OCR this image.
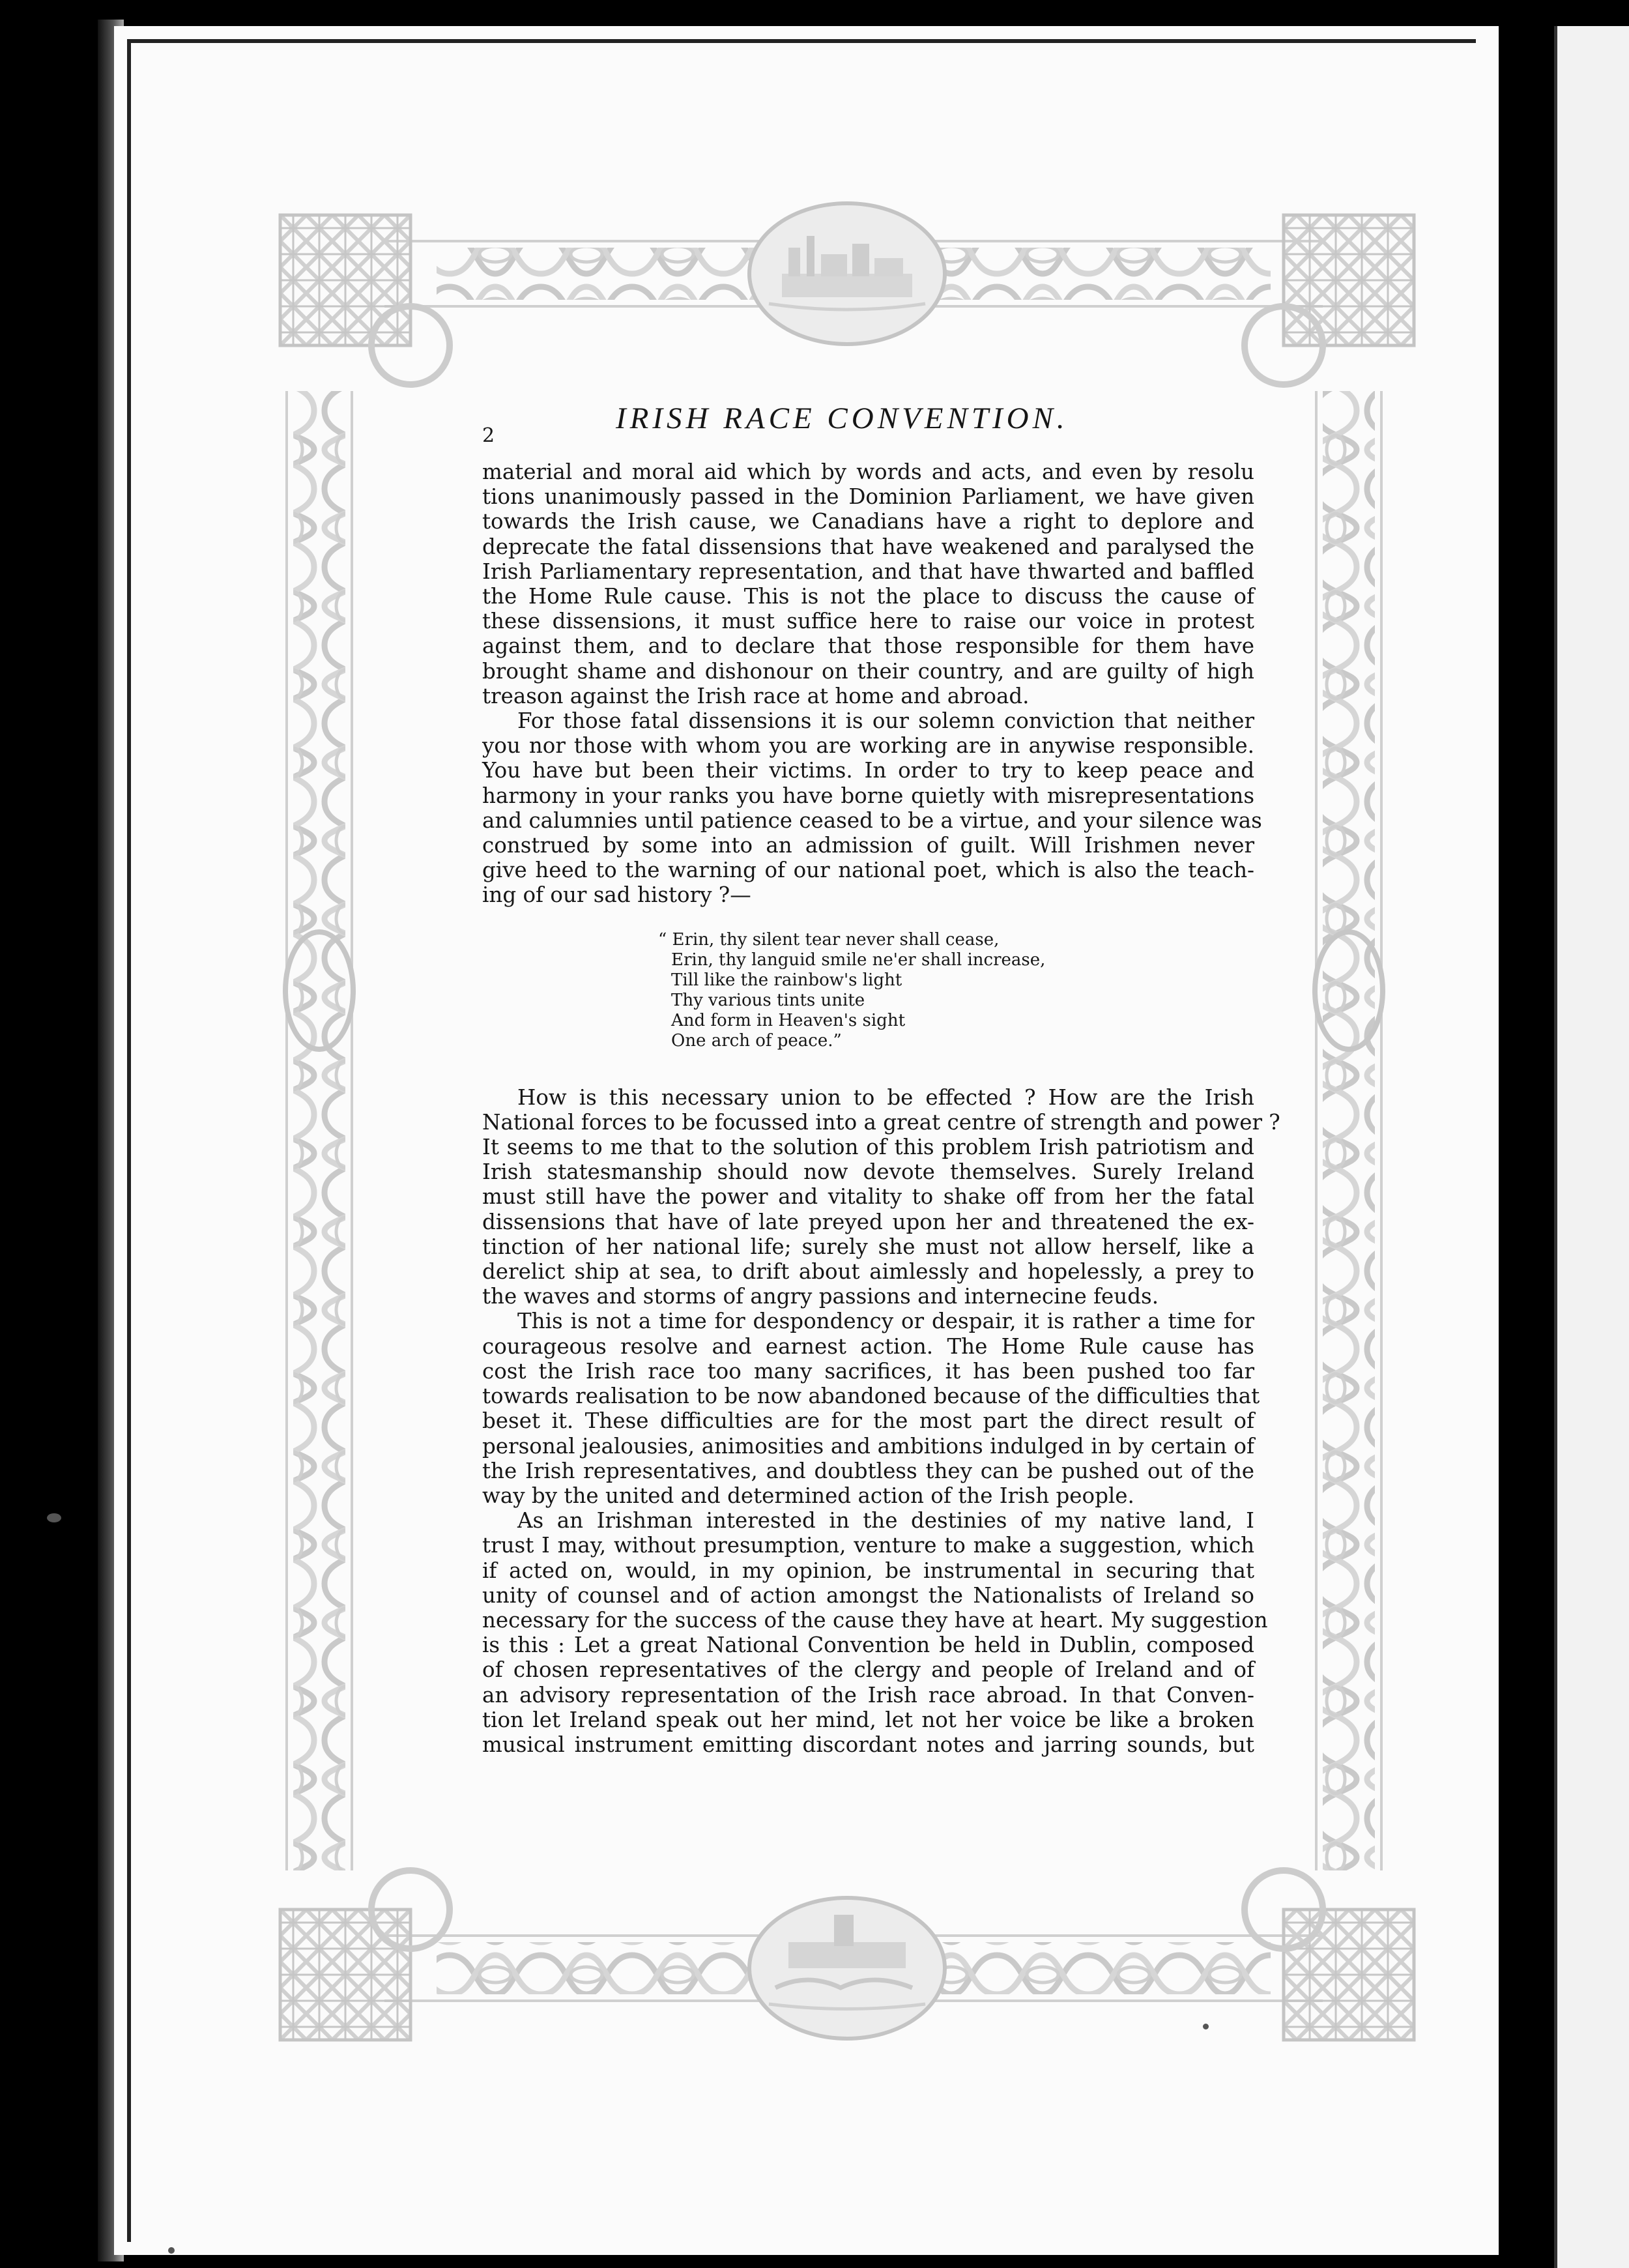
2
IRISH RACE CONVENTION.

material and moral aid which by words and acts, and even by resolu
tions unanimously passed in the Dominion Parliament, we have given
towards the Irish cause, we Canadians have a right to deplore and
deprecate the fatal dissensions that have weakened and paralysed the
Irish Parliamentary representation, and that have thwarted and baffled
the Home Rule cause. This is not the place to discuss the cause of
these dissensions, it must suffice here to raise our voice in protest
against them, and to declare that those responsible for them have
brought shame and dishonour on their country, and are guilty of high
treason against the Irish race at home and abroad.

For those fatal dissensions it is our solemn conviction that neither
you nor those with whom you are working are in anywise responsible.
You have but been their victims. In order to try to keep peace and
harmony in your ranks you have borne quietly with misrepresentations
and calumnies until patience ceased to be a virtue, and your silence was
construed by some into an admission of guilt. Will Irishmen never
give heed to the warning of our national poet, which is also the teach-
ing of our sad history ?—

“ Erin, thy silent tear never shall cease,
Erin, thy languid smile ne'er shall increase,
Till like the rainbow's light
Thy various tints unite
And form in Heaven's sight
One arch of peace.”

How is this necessary union to be effected ? How are the Irish
National forces to be focussed into a great centre of strength and power ?
It seems to me that to the solution of this problem Irish patriotism and
Irish statesmanship should now devote themselves. Surely Ireland
must still have the power and vitality to shake off from her the fatal
dissensions that have of late preyed upon her and threatened the ex-
tinction of her national life; surely she must not allow herself, like a
derelict ship at sea, to drift about aimlessly and hopelessly, a prey to
the waves and storms of angry passions and internecine feuds.

This is not a time for despondency or despair, it is rather a time for
courageous resolve and earnest action. The Home Rule cause has
cost the Irish race too many sacrifices, it has been pushed too far
towards realisation to be now abandoned because of the difficulties that
beset it. These difficulties are for the most part the direct result of
personal jealousies, animosities and ambitions indulged in by certain of
the Irish representatives, and doubtless they can be pushed out of the
way by the united and determined action of the Irish people.

As an Irishman interested in the destinies of my native land, I
trust I may, without presumption, venture to make a suggestion, which
if acted on, would, in my opinion, be instrumental in securing that
unity of counsel and of action amongst the Nationalists of Ireland so
necessary for the success of the cause they have at heart. My suggestion
is this : Let a great National Convention be held in Dublin, composed
of chosen representatives of the clergy and people of Ireland and of
an advisory representation of the Irish race abroad. In that Conven-
tion let Ireland speak out her mind, let not her voice be like a broken
musical instrument emitting discordant notes and jarring sounds, but
